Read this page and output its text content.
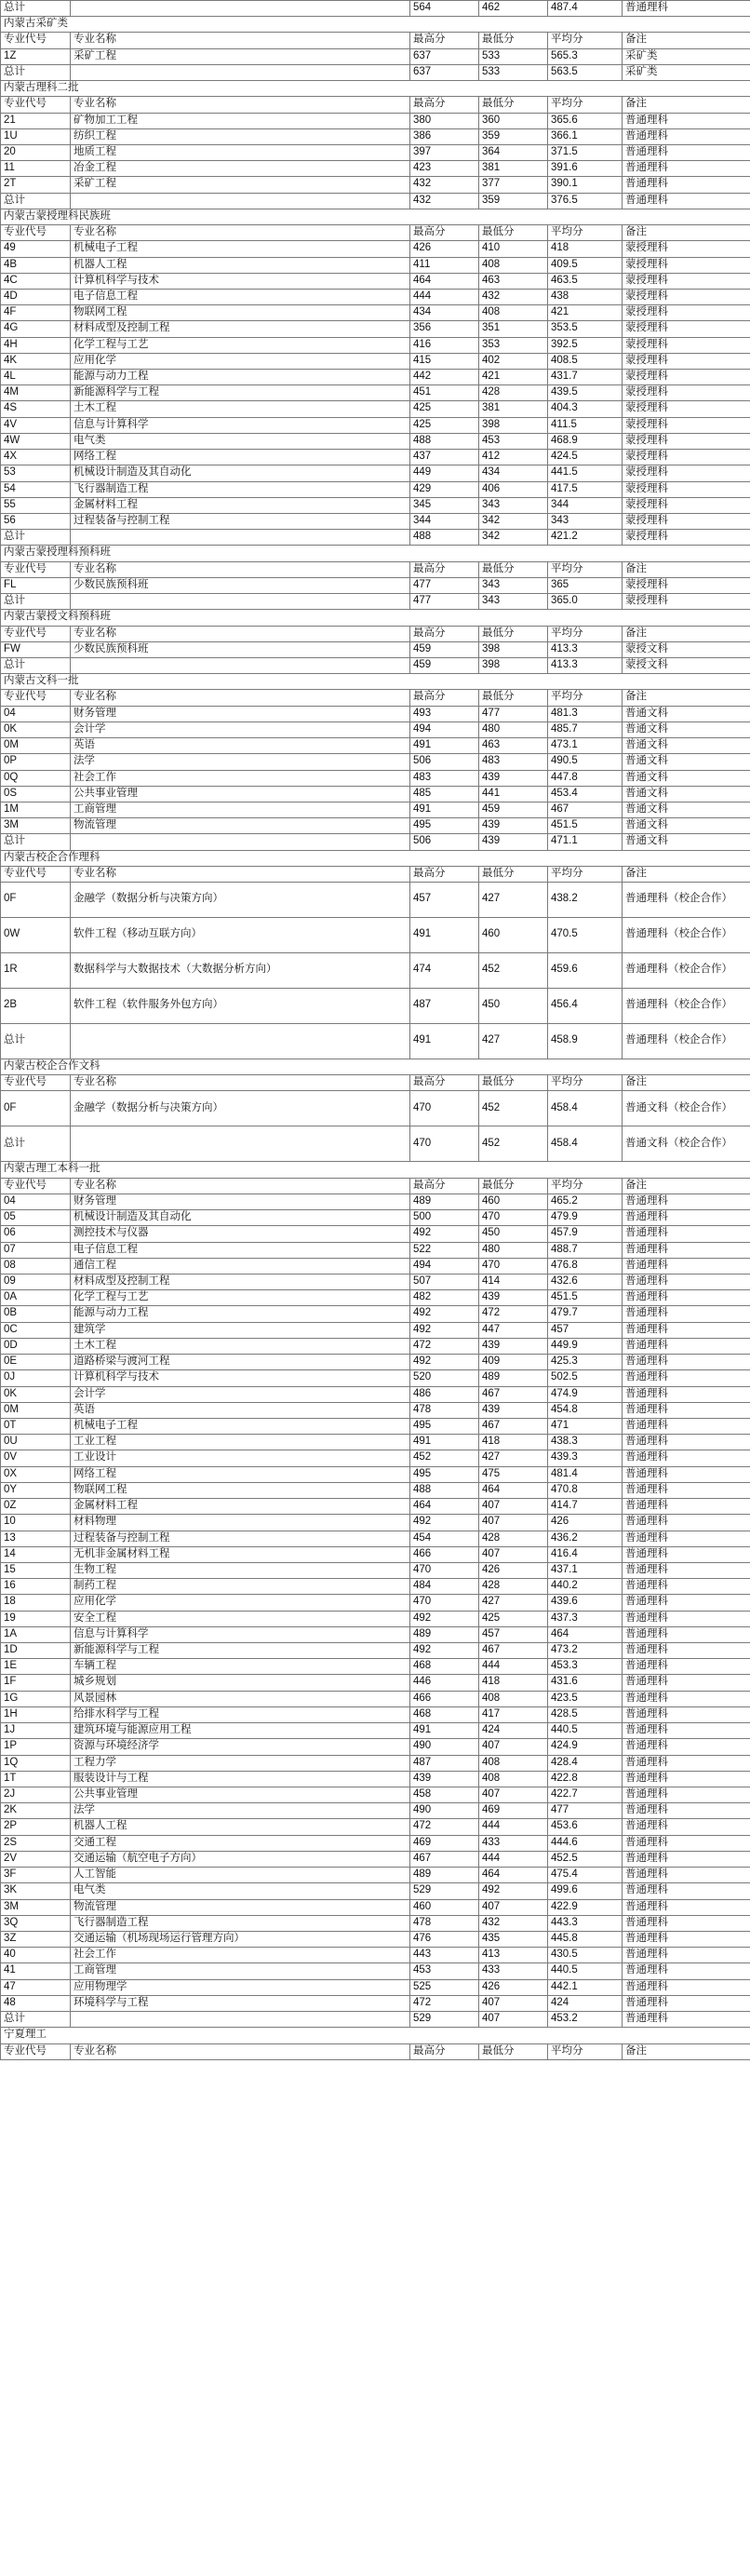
总计		564	462	487.4	普通理科
内蒙古采矿类					
专业代号	专业名称	最高分	最低分	平均分	备注
1Z	采矿工程	637	533	565.3	采矿类
总计		637	533	563.5	采矿类
内蒙古理科二批					
专业代号	专业名称	最高分	最低分	平均分	备注
21	矿物加工工程	380	360	365.6	普通理科
1U	纺织工程	386	359	366.1	普通理科
20	地质工程	397	364	371.5	普通理科
11	冶金工程	423	381	391.6	普通理科
2T	采矿工程	432	377	390.1	普通理科
总计		432	359	376.5	普通理科
内蒙古蒙授理科民族班					
专业代号	专业名称	最高分	最低分	平均分	备注
49	机械电子工程	426	410	418	蒙授理科
4B	机器人工程	411	408	409.5	蒙授理科
4C	计算机科学与技术	464	463	463.5	蒙授理科
4D	电子信息工程	444	432	438	蒙授理科
4F	物联网工程	434	408	421	蒙授理科
4G	材料成型及控制工程	356	351	353.5	蒙授理科
4H	化学工程与工艺	416	353	392.5	蒙授理科
4K	应用化学	415	402	408.5	蒙授理科
4L	能源与动力工程	442	421	431.7	蒙授理科
4M	新能源科学与工程	451	428	439.5	蒙授理科
4S	土木工程	425	381	404.3	蒙授理科
4V	信息与计算科学	425	398	411.5	蒙授理科
4W	电气类	488	453	468.9	蒙授理科
4X	网络工程	437	412	424.5	蒙授理科
53	机械设计制造及其自动化	449	434	441.5	蒙授理科
54	飞行器制造工程	429	406	417.5	蒙授理科
55	金属材料工程	345	343	344	蒙授理科
56	过程装备与控制工程	344	342	343	蒙授理科
总计		488	342	421.2	蒙授理科
内蒙古蒙授理科预科班					
专业代号	专业名称	最高分	最低分	平均分	备注
FL	少数民族预科班	477	343	365	蒙授理科
总计		477	343	365.0	蒙授理科
内蒙古蒙授文科预科班					
专业代号	专业名称	最高分	最低分	平均分	备注
FW	少数民族预科班	459	398	413.3	蒙授文科
总计		459	398	413.3	蒙授文科
内蒙古文科一批					
专业代号	专业名称	最高分	最低分	平均分	备注
04	财务管理	493	477	481.3	普通文科
0K	会计学	494	480	485.7	普通文科
0M	英语	491	463	473.1	普通文科
0P	法学	506	483	490.5	普通文科
0Q	社会工作	483	439	447.8	普通文科
0S	公共事业管理	485	441	453.4	普通文科
1M	工商管理	491	459	467	普通文科
3M	物流管理	495	439	451.5	普通文科
总计		506	439	471.1	普通文科
内蒙古校企合作理科					
专业代号	专业名称	最高分	最低分	平均分	备注
0F	金融学（数据分析与决策方向）	457	427	438.2	普通理科（校企合作）
0W	软件工程（移动互联方向）	491	460	470.5	普通理科（校企合作）
1R	数据科学与大数据技术（大数据分析方向）	474	452	459.6	普通理科（校企合作）
2B	软件工程（软件服务外包方向）	487	450	456.4	普通理科（校企合作）
总计		491	427	458.9	普通理科（校企合作）
内蒙古校企合作文科					
专业代号	专业名称	最高分	最低分	平均分	备注
0F	金融学（数据分析与决策方向）	470	452	458.4	普通文科（校企合作）
总计		470	452	458.4	普通文科（校企合作）
内蒙古理工本科一批					
专业代号	专业名称	最高分	最低分	平均分	备注
04	财务管理	489	460	465.2	普通理科
05	机械设计制造及其自动化	500	470	479.9	普通理科
06	测控技术与仪器	492	450	457.9	普通理科
07	电子信息工程	522	480	488.7	普通理科
08	通信工程	494	470	476.8	普通理科
09	材料成型及控制工程	507	414	432.6	普通理科
0A	化学工程与工艺	482	439	451.5	普通理科
0B	能源与动力工程	492	472	479.7	普通理科
0C	建筑学	492	447	457	普通理科
0D	土木工程	472	439	449.9	普通理科
0E	道路桥梁与渡河工程	492	409	425.3	普通理科
0J	计算机科学与技术	520	489	502.5	普通理科
0K	会计学	486	467	474.9	普通理科
0M	英语	478	439	454.8	普通理科
0T	机械电子工程	495	467	471	普通理科
0U	工业工程	491	418	438.3	普通理科
0V	工业设计	452	427	439.3	普通理科
0X	网络工程	495	475	481.4	普通理科
0Y	物联网工程	488	464	470.8	普通理科
0Z	金属材料工程	464	407	414.7	普通理科
10	材料物理	492	407	426	普通理科
13	过程装备与控制工程	454	428	436.2	普通理科
14	无机非金属材料工程	466	407	416.4	普通理科
15	生物工程	470	426	437.1	普通理科
16	制药工程	484	428	440.2	普通理科
18	应用化学	470	427	439.6	普通理科
19	安全工程	492	425	437.3	普通理科
1A	信息与计算科学	489	457	464	普通理科
1D	新能源科学与工程	492	467	473.2	普通理科
1E	车辆工程	468	444	453.3	普通理科
1F	城乡规划	446	418	431.6	普通理科
1G	风景园林	466	408	423.5	普通理科
1H	给排水科学与工程	468	417	428.5	普通理科
1J	建筑环境与能源应用工程	491	424	440.5	普通理科
1P	资源与环境经济学	490	407	424.9	普通理科
1Q	工程力学	487	408	428.4	普通理科
1T	服装设计与工程	439	408	422.8	普通理科
2J	公共事业管理	458	407	422.7	普通理科
2K	法学	490	469	477	普通理科
2P	机器人工程	472	444	453.6	普通理科
2S	交通工程	469	433	444.6	普通理科
2V	交通运输（航空电子方向）	467	444	452.5	普通理科
3F	人工智能	489	464	475.4	普通理科
3K	电气类	529	492	499.6	普通理科
3M	物流管理	460	407	422.9	普通理科
3Q	飞行器制造工程	478	432	443.3	普通理科
3Z	交通运输（机场现场运行管理方向）	476	435	445.8	普通理科
40	社会工作	443	413	430.5	普通理科
41	工商管理	453	433	440.5	普通理科
47	应用物理学	525	426	442.1	普通理科
48	环境科学与工程	472	407	424	普通理科
总计		529	407	453.2	普通理科
宁夏理工					
专业代号	专业名称	最高分	最低分	平均分	备注
